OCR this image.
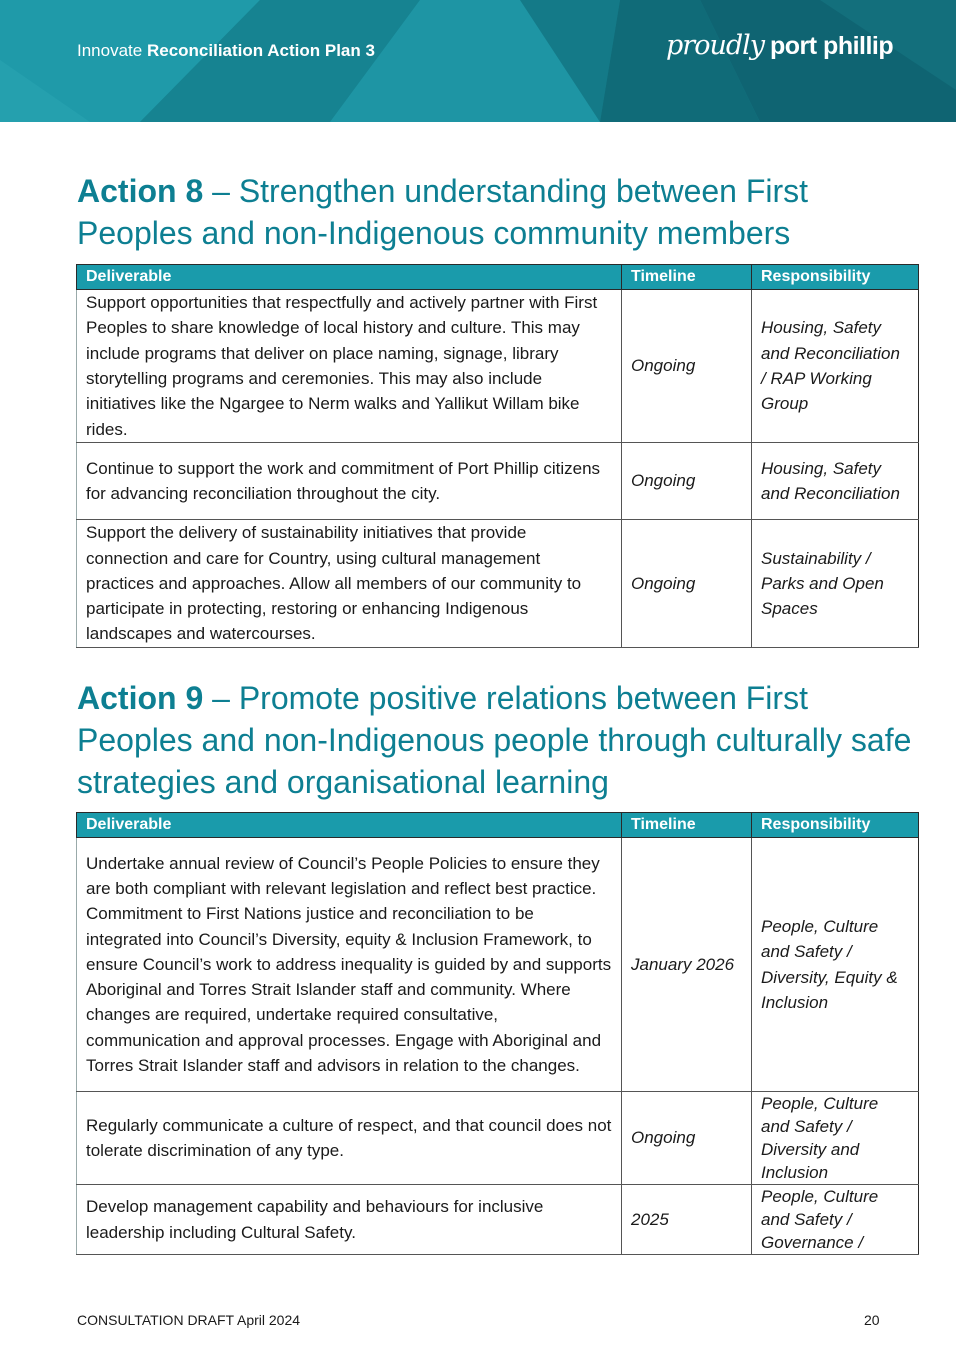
Innovate Reconciliation Action Plan 3	proudly port phillip
Action 8 – Strengthen understanding between First Peoples and non-Indigenous community members
Deliverable	Timeline	Responsibility
Support opportunities that respectfully and actively partner with First Peoples to share knowledge of local history and culture. This may include programs that deliver on place naming, signage, library storytelling programs and ceremonies. This may also include initiatives like the Ngargee to Nerm walks and Yallikut Willam bike rides.	Ongoing	Housing, Safety and Reconciliation / RAP Working Group
Continue to support the work and commitment of Port Phillip citizens for advancing reconciliation throughout the city.	Ongoing	Housing, Safety and Reconciliation
Support the delivery of sustainability initiatives that provide connection and care for Country, using cultural management practices and approaches. Allow all members of our community to participate in protecting, restoring or enhancing Indigenous landscapes and watercourses.	Ongoing	Sustainability / Parks and Open Spaces
Action 9 – Promote positive relations between First Peoples and non-Indigenous people through culturally safe strategies and organisational learning
Deliverable	Timeline	Responsibility
Undertake annual review of Council’s People Policies to ensure they are both compliant with relevant legislation and reflect best practice. Commitment to First Nations justice and reconciliation to be integrated into Council’s Diversity, equity & Inclusion Framework, to ensure Council’s work to address inequality is guided by and supports Aboriginal and Torres Strait Islander staff and community. Where changes are required, undertake required consultative, communication and approval processes. Engage with Aboriginal and Torres Strait Islander staff and advisors in relation to the changes.	January 2026	People, Culture and Safety / Diversity, Equity & Inclusion
Regularly communicate a culture of respect, and that council does not tolerate discrimination of any type.	Ongoing	People, Culture and Safety / Diversity and Inclusion
Develop management capability and behaviours for inclusive leadership including Cultural Safety.	2025	People, Culture and Safety / Governance /
CONSULTATION DRAFT April 2024	20
